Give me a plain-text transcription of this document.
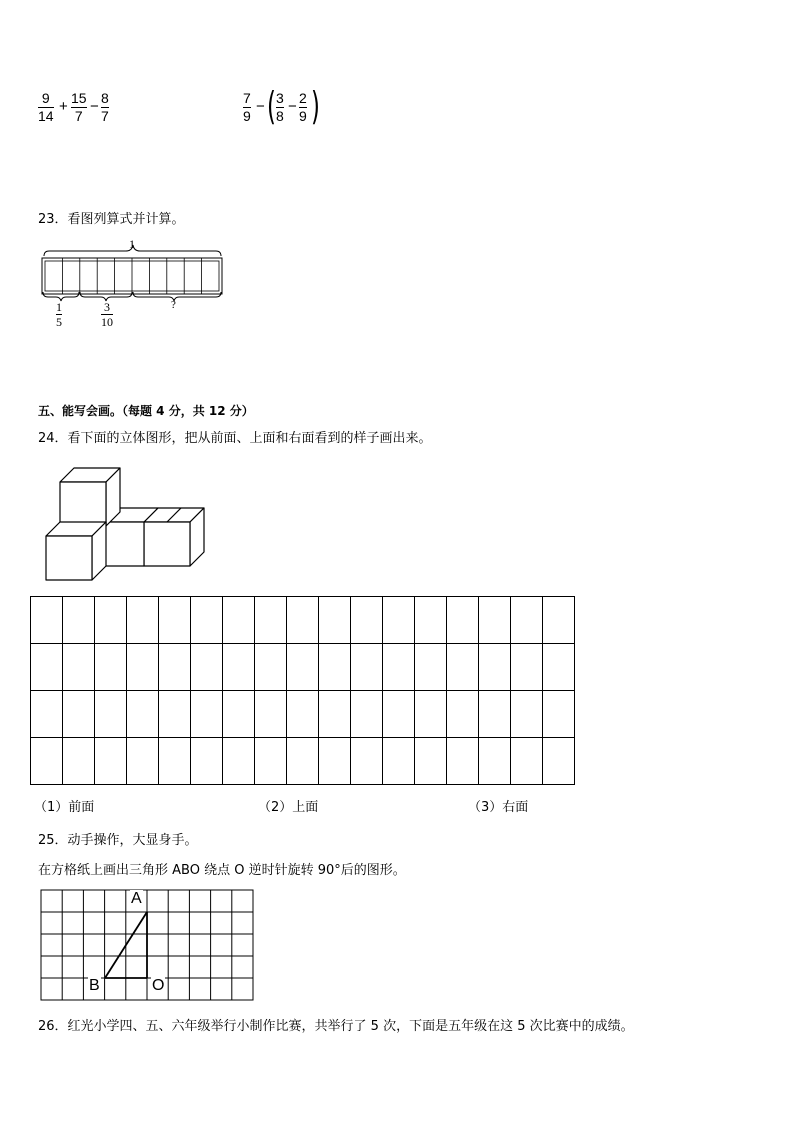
9
14
+ 15
7
− 8
7
7
9
− ( 3
8
− 2
9 )
23．看图列算式并计算。
1
1
5
3
10
?
五、能写会画。（每题 4 分，共 12 分）
24．看下面的立体图形，把从前面、上面和右面看到的样子画出来。

（1）前面	（2）上面	（3）右面
25．动手操作，大显身手。
在方格纸上画出三角形 ABO 绕点 O 逆时针旋转 90°后的图形。
A
B	O
26．红光小学四、五、六年级举行小制作比赛，共举行了 5 次，下面是五年级在这 5 次比赛中的成绩。
